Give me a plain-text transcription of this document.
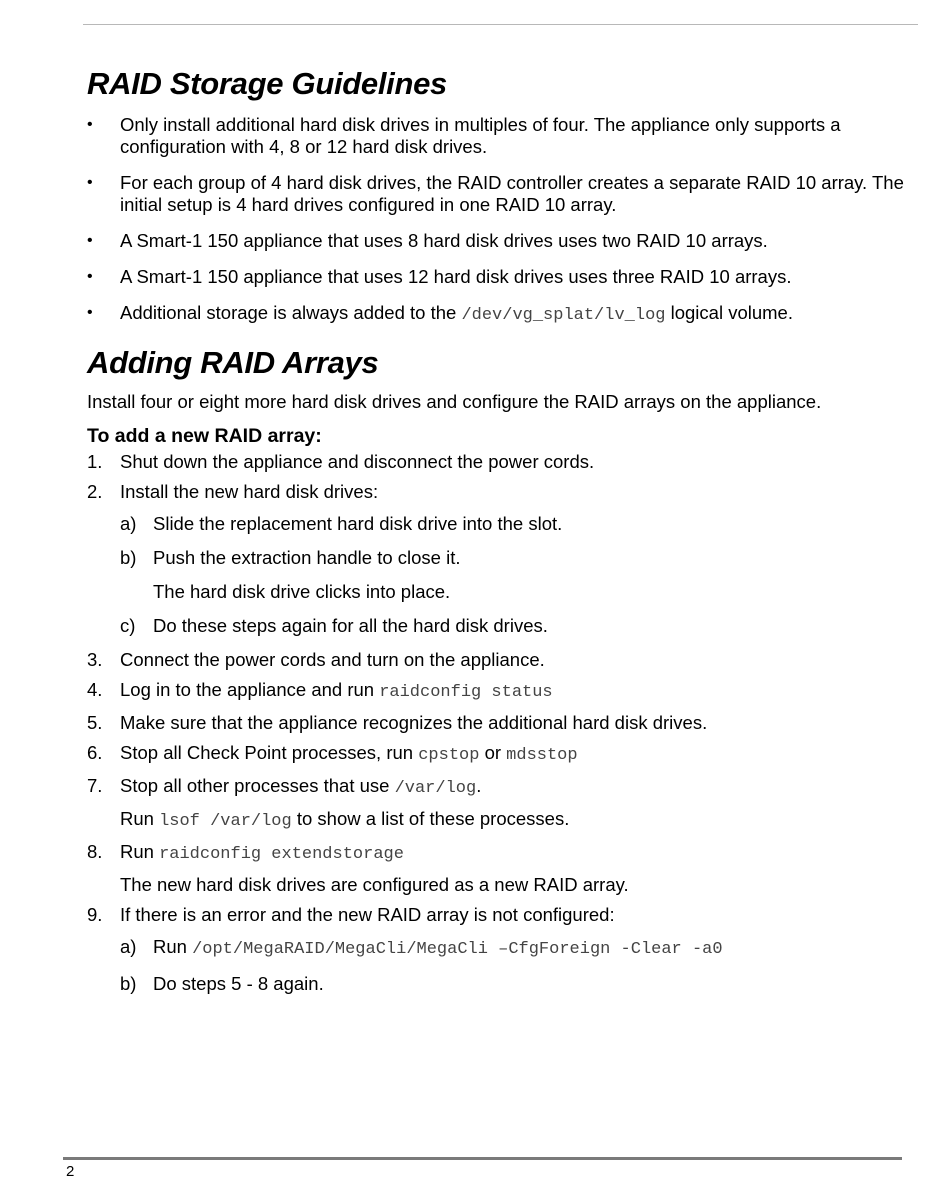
RAID Storage Guidelines
• Only install additional hard disk drives in multiples of four. The appliance only supports a configuration with 4, 8 or 12 hard disk drives.
• For each group of 4 hard disk drives, the RAID controller creates a separate RAID 10 array. The initial setup is 4 hard drives configured in one RAID 10 array.
• A Smart-1 150 appliance that uses 8 hard disk drives uses two RAID 10 arrays.
• A Smart-1 150 appliance that uses 12 hard disk drives uses three RAID 10 arrays.
• Additional storage is always added to the /dev/vg_splat/lv_log logical volume.
Adding RAID Arrays

Install four or eight more hard disk drives and configure the RAID arrays on the appliance.

To add a new RAID array:
1. Shut down the appliance and disconnect the power cords.
2. Install the new hard disk drives:
a) Slide the replacement hard disk drive into the slot.
b) Push the extraction handle to close it.
The hard disk drive clicks into place.
c) Do these steps again for all the hard disk drives.
3. Connect the power cords and turn on the appliance.
4. Log in to the appliance and run raidconfig status
5. Make sure that the appliance recognizes the additional hard disk drives.
6. Stop all Check Point processes, run cpstop or mdsstop
7. Stop all other processes that use /var/log.
Run lsof /var/log to show a list of these processes.
8. Run raidconfig extendstorage
The new hard disk drives are configured as a new RAID array.
9. If there is an error and the new RAID array is not configured:
a) Run /opt/MegaRAID/MegaCli/MegaCli –CfgForeign -Clear -a0
b) Do steps 5 - 8 again.
2
